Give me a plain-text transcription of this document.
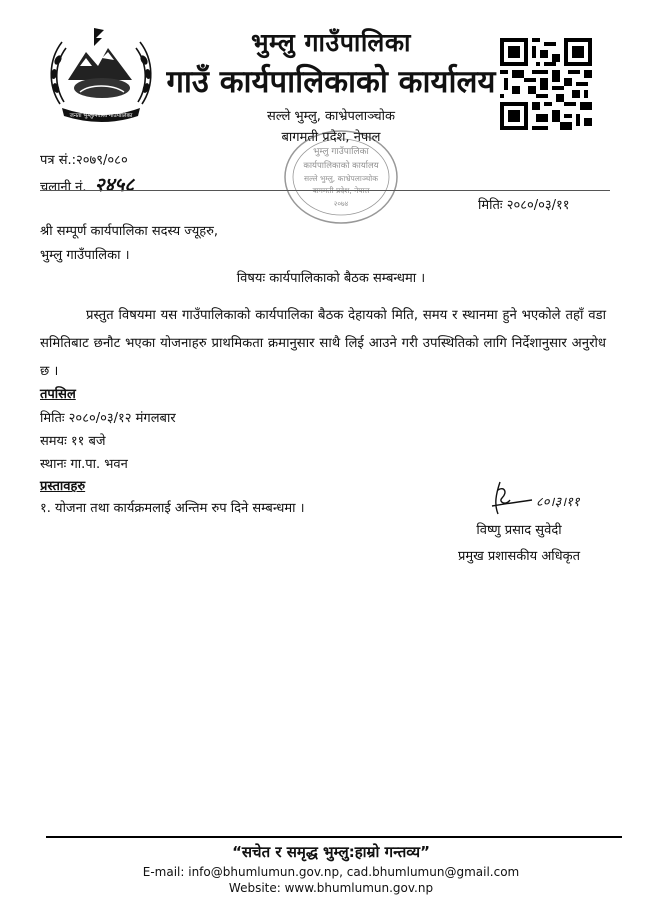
जनता भुम्लुनिवासी गाउँपालिका
भुम्लु गाउँपालिका
गाउँ कार्यपालिकाको कार्यालय
सल्ले भुम्लु, काभ्रेपलाञ्चोक
बागमती प्रदेश, नेपाल
भुम्लु गाउँपालिका
कार्यपालिकाको कार्यालय
सल्ले भुम्लु, काभ्रेपलाञ्चोक
बागमती प्रदेश, नेपाल
२०७४
पत्र सं.:२०७९/०८०
चलानी नं. २४५८
मितिः २०८०/०३/११
श्री सम्पूर्ण कार्यपालिका सदस्य ज्यूहरु,
भुम्लु गाउँपालिका ।
विषयः कार्यपालिकाको बैठक सम्बन्धमा ।
प्रस्तुत विषयमा यस गाउँपालिकाको कार्यपालिका बैठक देहायको मिति, समय र स्थानमा हुने भएकोले तहाँ वडा समितिबाट छनौट भएका योजनाहरु प्राथमिकता क्रमानुसार साथै लिई आउने गरी उपस्थितिको लागि निर्देशानुसार अनुरोध छ ।
तपसिल
मितिः २०८०/०३/१२ मंगलबार
समयः ११ बजे
स्थानः गा.पा. भवन
प्रस्तावहरु
१. योजना तथा कार्यक्रमलाई अन्तिम रुप दिने सम्बन्धमा ।	८०।३।११
विष्णु प्रसाद सुवेदी
प्रमुख प्रशासकीय अधिकृत
“सचेत र समृद्ध भुम्लु:हाम्रो गन्तव्य”
E-mail: info@bhumlumun.gov.np, cad.bhumlumun@gmail.com
Website: www.bhumlumun.gov.np
